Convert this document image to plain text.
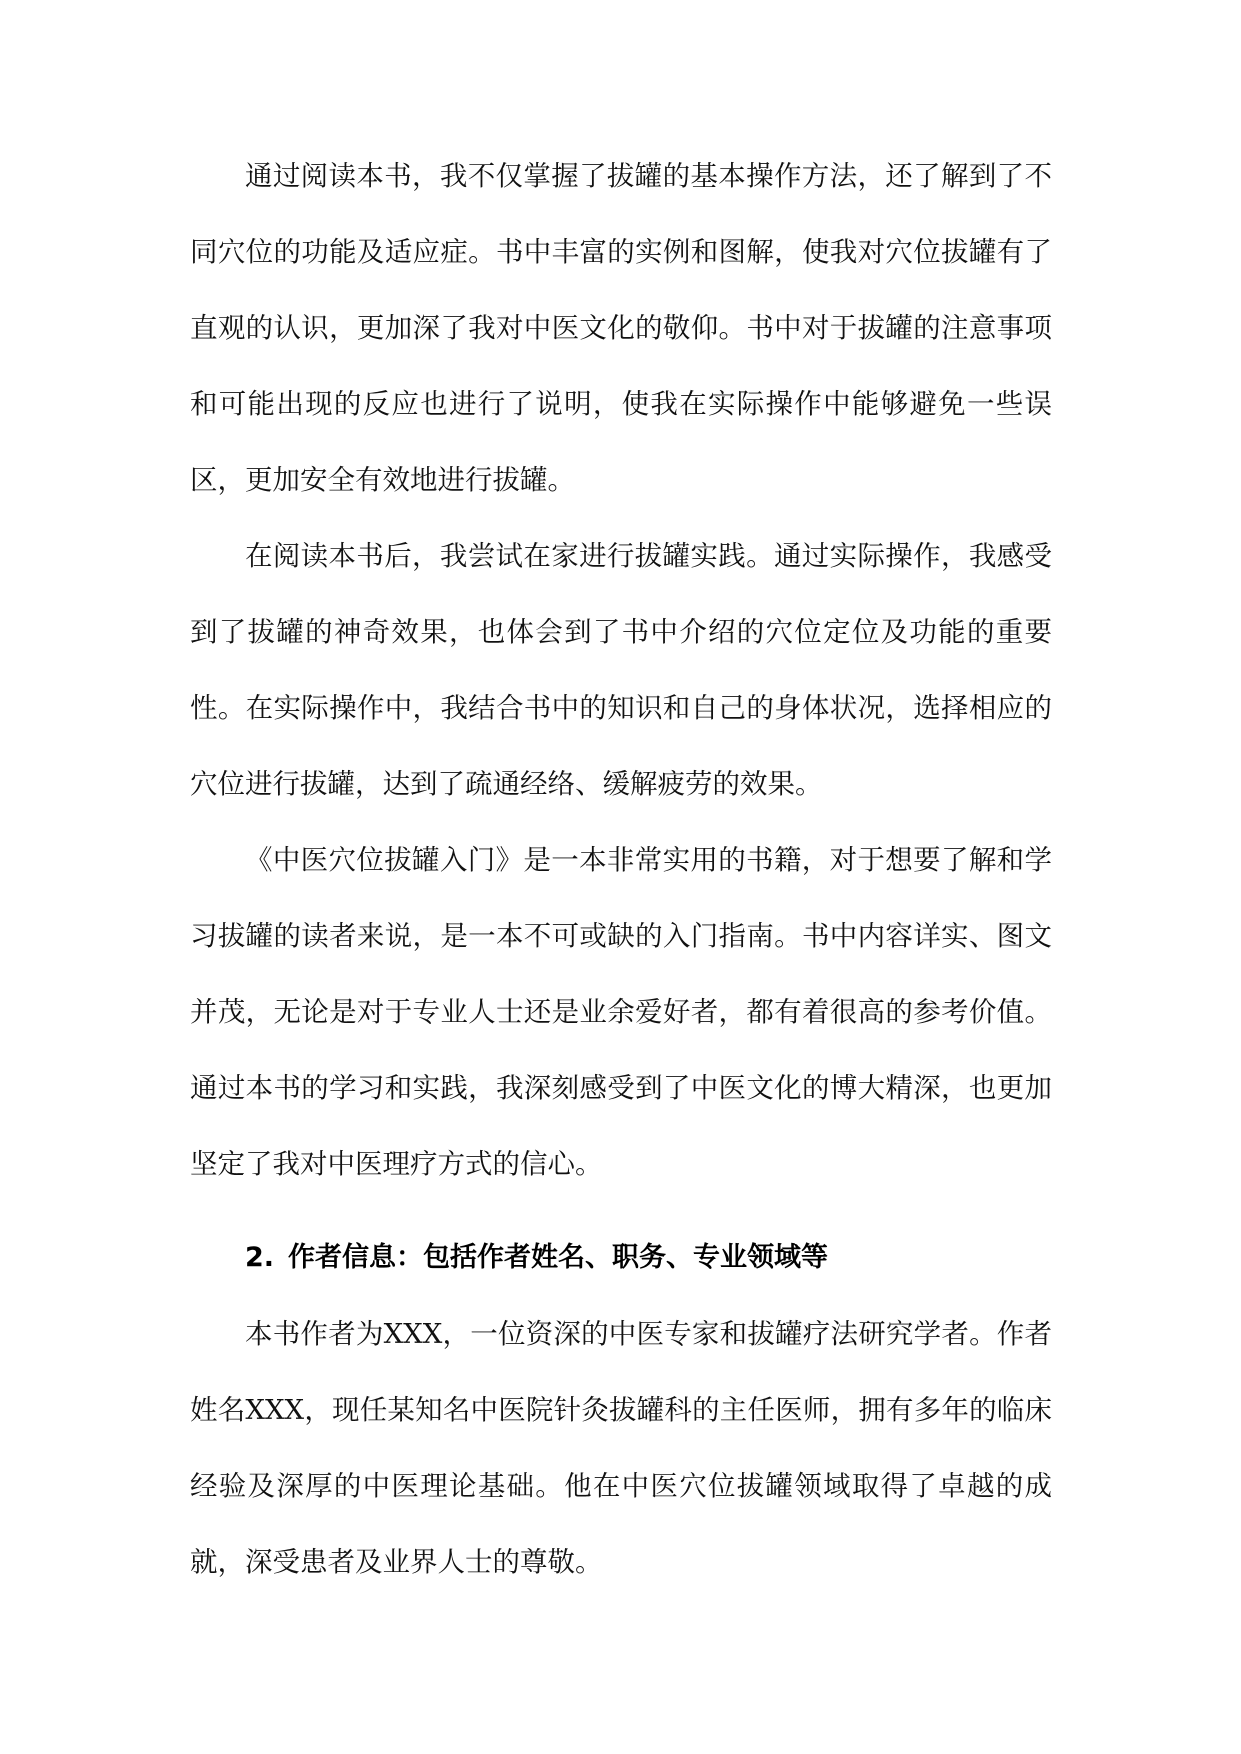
通过阅读本书，我不仅掌握了拔罐的基本操作方法，还了解到了不同穴位的功能及适应症。书中丰富的实例和图解，使我对穴位拔罐有了直观的认识，更加深了我对中医文化的敬仰。书中对于拔罐的注意事项和可能出现的反应也进行了说明，使我在实际操作中能够避免一些误区，更加安全有效地进行拔罐。

在阅读本书后，我尝试在家进行拔罐实践。通过实际操作，我感受到了拔罐的神奇效果，也体会到了书中介绍的穴位定位及功能的重要性。在实际操作中，我结合书中的知识和自己的身体状况，选择相应的穴位进行拔罐，达到了疏通经络、缓解疲劳的效果。

《中医穴位拔罐入门》是一本非常实用的书籍，对于想要了解和学习拔罐的读者来说，是一本不可或缺的入门指南。书中内容详实、图文并茂，无论是对于专业人士还是业余爱好者，都有着很高的参考价值。通过本书的学习和实践，我深刻感受到了中医文化的博大精深，也更加坚定了我对中医理疗方式的信心。

2. 作者信息：包括作者姓名、职务、专业领域等

本书作者为XXX，一位资深的中医专家和拔罐疗法研究学者。作者姓名XXX，现任某知名中医院针灸拔罐科的主任医师，拥有多年的临床经验及深厚的中医理论基础。他在中医穴位拔罐领域取得了卓越的成就，深受患者及业界人士的尊敬。
